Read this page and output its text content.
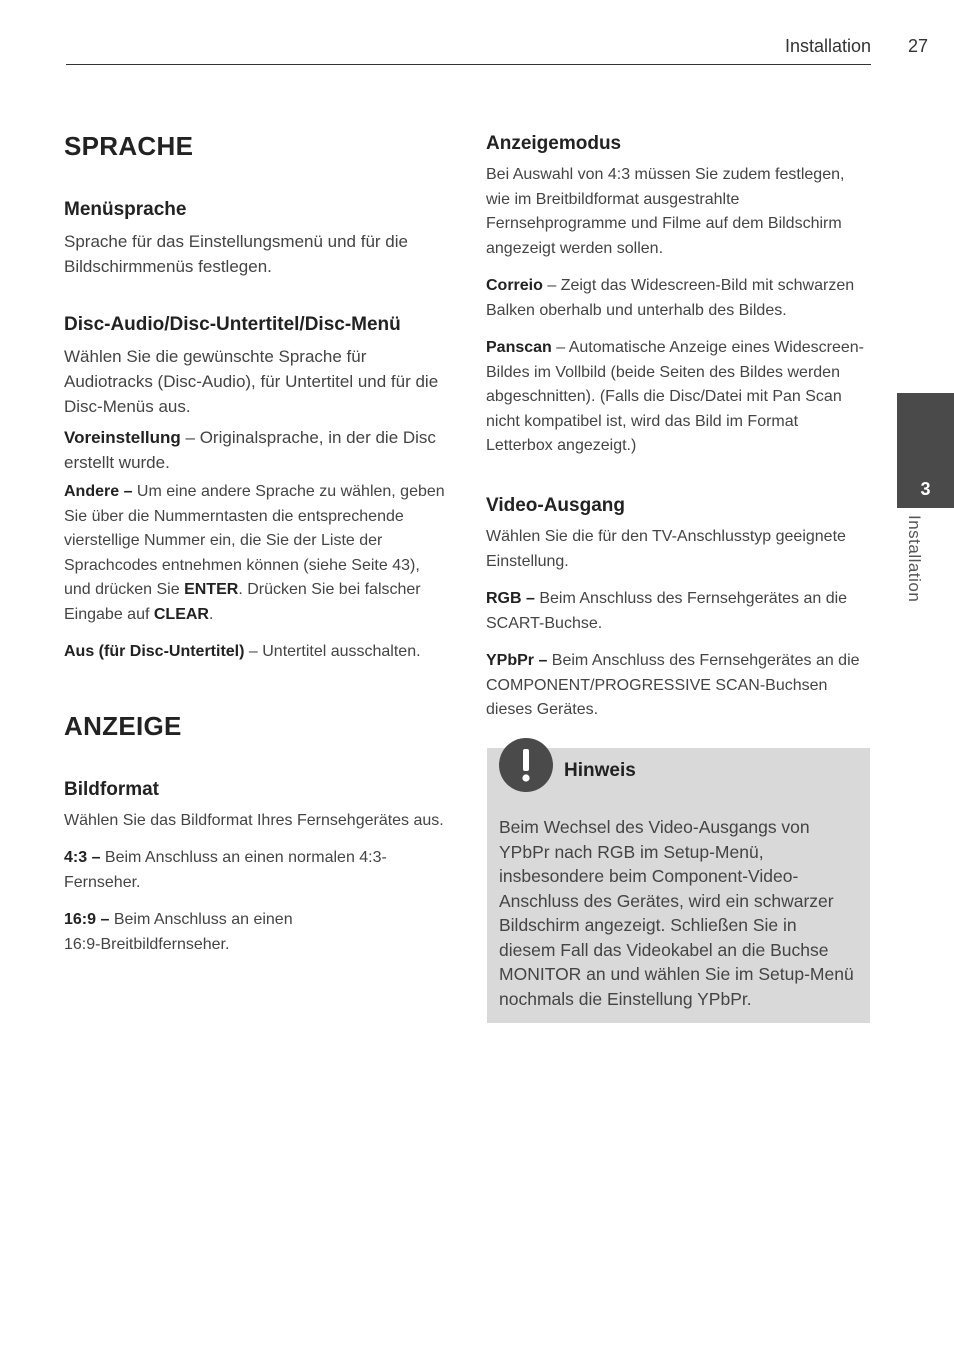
Installation 27
3
Installation
SPRACHE
Menüsprache

Sprache für das Einstellungsmenü und für die Bildschirmmenüs festlegen.

Disc-Audio/Disc-Untertitel/Disc-Menü

Wählen Sie die gewünschte Sprache für Audiotracks (Disc-Audio), für Untertitel und für die Disc-Menüs aus.

Voreinstellung – Originalsprache, in der die Disc erstellt wurde.

Andere – Um eine andere Sprache zu wählen, geben Sie über die Nummerntasten die entsprechende vierstellige Nummer ein, die Sie der Liste der Sprachcodes entnehmen können (siehe Seite 43), und drücken Sie ENTER. Drücken Sie bei falscher Eingabe auf CLEAR.

Aus (für Disc-Untertitel) – Untertitel ausschalten.

ANZEIGE
Bildformat

Wählen Sie das Bildformat Ihres Fernsehgerätes aus.

4:3 – Beim Anschluss an einen normalen 4:3-Fernseher.

16:9 – Beim Anschluss an einen 16:9-Breitbildfernseher.

Anzeigemodus

Bei Auswahl von 4:3 müssen Sie zudem festlegen, wie im Breitbildformat ausgestrahlte Fernsehprogramme und Filme auf dem Bildschirm angezeigt werden sollen.

Correio – Zeigt das Widescreen-Bild mit schwarzen Balken oberhalb und unterhalb des Bildes.

Panscan – Automatische Anzeige eines Widescreen-Bildes im Vollbild (beide Seiten des Bildes werden abgeschnitten). (Falls die Disc/Datei mit Pan Scan nicht kompatibel ist, wird das Bild im Format Letterbox angezeigt.)

Video-Ausgang

Wählen Sie die für den TV-Anschlusstyp geeignete Einstellung.

RGB – Beim Anschluss des Fernsehgerätes an die SCART-Buchse.

YPbPr – Beim Anschluss des Fernsehgerätes an die COMPONENT/PROGRESSIVE SCAN-Buchsen dieses Gerätes.

Hinweis
Beim Wechsel des Video-Ausgangs von YPbPr nach RGB im Setup-Menü, insbesondere beim Component-Video-Anschluss des Gerätes, wird ein schwarzer Bildschirm angezeigt. Schließen Sie in diesem Fall das Videokabel an die Buchse MONITOR an und wählen Sie im Setup-Menü nochmals die Einstellung YPbPr.
